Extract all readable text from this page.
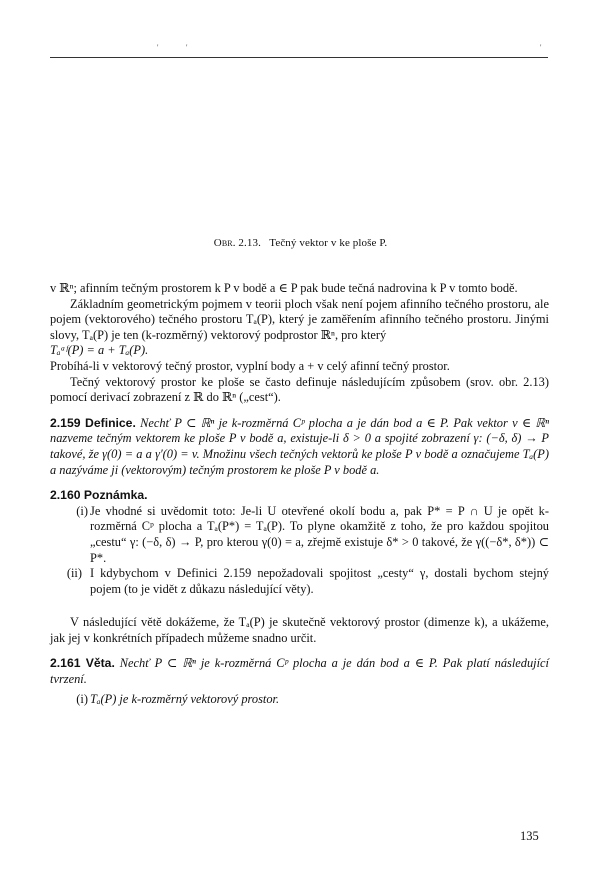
'	'	'
Obr. 2.13. Tečný vektor v ke ploše P.

v ℝⁿ; afinním tečným prostorem k P v bodě a ∈ P pak bude tečná nadrovina k P v tomto bodě.

Základním geometrickým pojmem v teorii ploch však není pojem afinního tečného prostoru, ale pojem (vektorového) tečného prostoru Tₐ(P), který je zaměřením afinního tečného prostoru. Jinými slovy, Tₐ(P) je ten (k-rozměrný) vektorový podprostor ℝⁿ, pro který

Tₐᵃᶠ(P) = a + Tₐ(P).

Probíhá-li v vektorový tečný prostor, vyplní body a + v celý afinní tečný prostor.

Tečný vektorový prostor ke ploše se často definuje následujícím způsobem (srov. obr. 2.13) pomocí derivací zobrazení z ℝ do ℝⁿ („cest“).

2.159 Definice. Nechť P ⊂ ℝⁿ je k-rozměrná Cᵖ plocha a je dán bod a ∈ P. Pak vektor v ∈ ℝⁿ nazveme tečným vektorem ke ploše P v bodě a, existuje-li δ > 0 a spojité zobrazení γ: (−δ, δ) → P takové, že γ(0) = a a γ′(0) = v. Množinu všech tečných vektorů ke ploše P v bodě a označujeme Tₐ(P) a nazýváme ji (vektorovým) tečným prostorem ke ploše P v bodě a.

2.160 Poznámka.

(i) Je vhodné si uvědomit toto: Je-li U otevřené okolí bodu a, pak P* = P ∩ U je opět k-rozměrná Cᵖ plocha a Tₐ(P*) = Tₐ(P). To plyne okamžitě z toho, že pro každou spojitou „cestu“ γ: (−δ, δ) → P, pro kterou γ(0) = a, zřejmě existuje δ* > 0 takové, že γ((−δ*, δ*)) ⊂ P*.
(ii) I kdybychom v Definici 2.159 nepožadovali spojitost „cesty“ γ, dostali bychom stejný pojem (to je vidět z důkazu následující věty).

V následující větě dokážeme, že Tₐ(P) je skutečně vektorový prostor (dimenze k), a ukážeme, jak jej v konkrétních případech můžeme snadno určit.

2.161 Věta. Nechť P ⊂ ℝⁿ je k-rozměrná Cᵖ plocha a je dán bod a ∈ P. Pak platí následující tvrzení.

(i) Tₐ(P) je k-rozměrný vektorový prostor.
135
